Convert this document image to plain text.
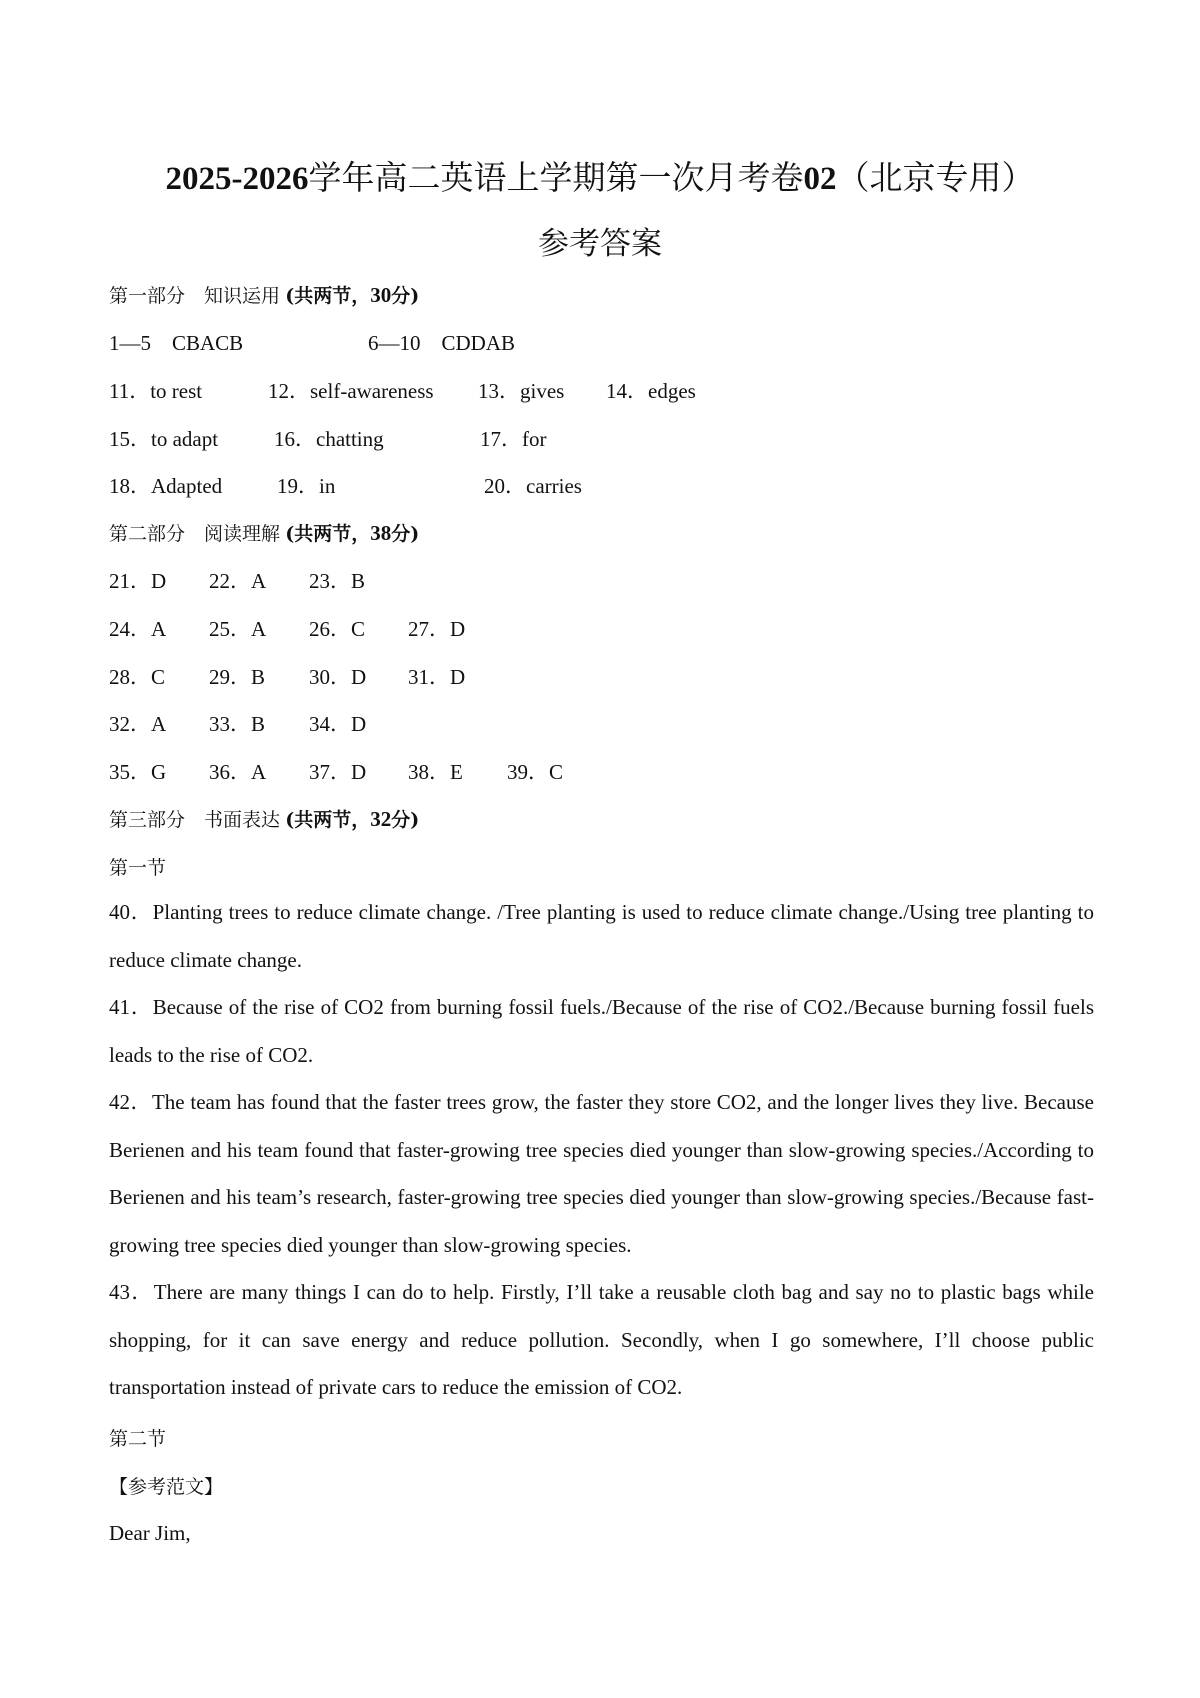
2025-2026学年高二英语上学期第一次月考卷02（北京专用）
参考答案
第一部分　知识运用 (共两节，30分)
1—5　CBACB	6—10　CDDAB
11．to rest	12．self-awareness 13．gives 14．edges
15．to adapt	16．chatting	17．for
18．Adapted	19．in	20．carries
第二部分　阅读理解 (共两节，38分)
21．D 22．A 23．B
24．A 25．A 26．C 27．D
28．C 29．B 30．D 31．D
32．A 33．B 34．D
35．G 36．A 37．D 38．E 39．C
第三部分　书面表达 (共两节，32分)
第一节
40．Planting trees to reduce climate change. /Tree planting is used to reduce climate change./Using tree planting to reduce climate change.
41．Because of the rise of CO2 from burning fossil fuels./Because of the rise of CO2./Because burning fossil fuels leads to the rise of CO2.
42．The team has found that the faster trees grow, the faster they store CO2, and the longer lives they live. Because Berienen and his team found that faster-growing tree species died younger than slow-growing species./According to Berienen and his team’s research, faster-growing tree species died younger than slow-growing species./Because fast-growing tree species died younger than slow-growing species.
43．There are many things I can do to help. Firstly, I’ll take a reusable cloth bag and say no to plastic bags while shopping, for it can save energy and reduce pollution. Secondly, when I go somewhere, I’ll choose public transportation instead of private cars to reduce the emission of CO2.
第二节
【参考范文】
Dear Jim,
